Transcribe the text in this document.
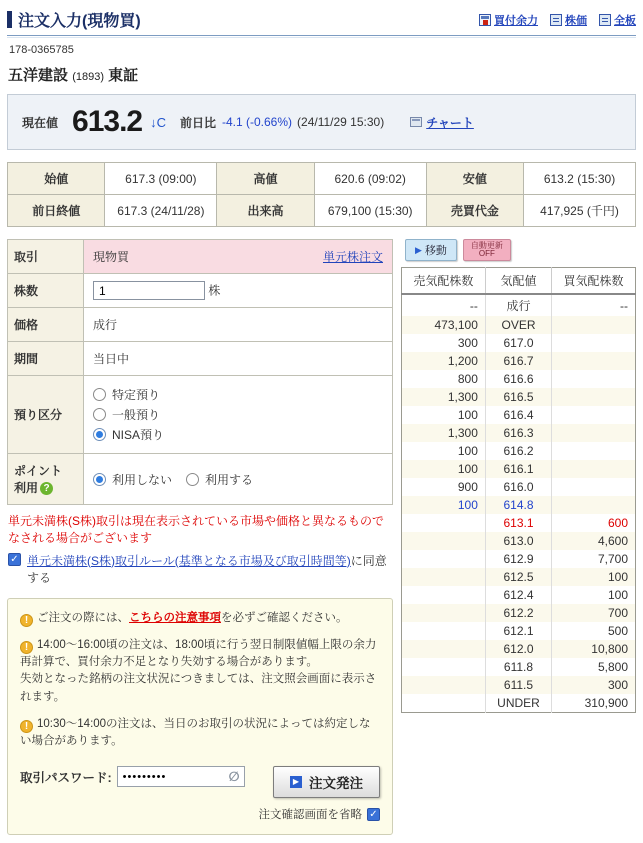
注文入力(現物買)	買付余力 株価 全板
178-0365785
五洋建設 (1893) 東証
現在値 613.2 ↓C 前日比 -4.1 (-0.66%) (24/11/29 15:30)	チャート
始値	617.3 (09:00)	高値	620.6 (09:02)	安値	613.2 (15:30)
前日終値	617.3 (24/11/28)	出来高	679,100 (15:30)	売買代金	417,925 (千円)
取引	現物買 単元株注文

株数	1株
価格	成行
期間	当日中
預り区分	特定預り
一般預り
NISA預り

ポイント
利用 ?	利用しない 利用する
単元未満株(S株)取引は現在表示されている市場や価格と異なるものでなされる場合がございます
✓ 単元未満株(S株)取引ルール(基準となる市場及び取引時間等)に同意する

! ご注文の際には、こちらの注意事項を必ずご確認ください。

! 14:00〜16:00頃の注文は、18:00頃に行う翌日制限値幅上限の余力再計算で、買付余力不足となり失効する場合があります。
失効となった銘柄の注文状況につきましては、注文照会画面に表示されます。

! 10:30〜14:00の注文は、当日のお取引の状況によっては約定しない場合があります。

取引パスワード:
•••••••••	∅	▶ 注文発注
注文確認画面を省略 ✓
▶ 移動	自動更新
OFF
売気配株数	気配値	買気配株数
--	成行	--
473,100	OVER	
300	617.0	
1,200	616.7	
800	616.6	
1,300	616.5	
100	616.4	
1,300	616.3	
100	616.2	
100	616.1	
900	616.0	
100	614.8	
	613.1	600
	613.0	4,600
	612.9	7,700
	612.5	100
	612.4	100
	612.2	700
	612.1	500
	612.0	10,800
	611.8	5,800
	611.5	300
	UNDER	310,900
